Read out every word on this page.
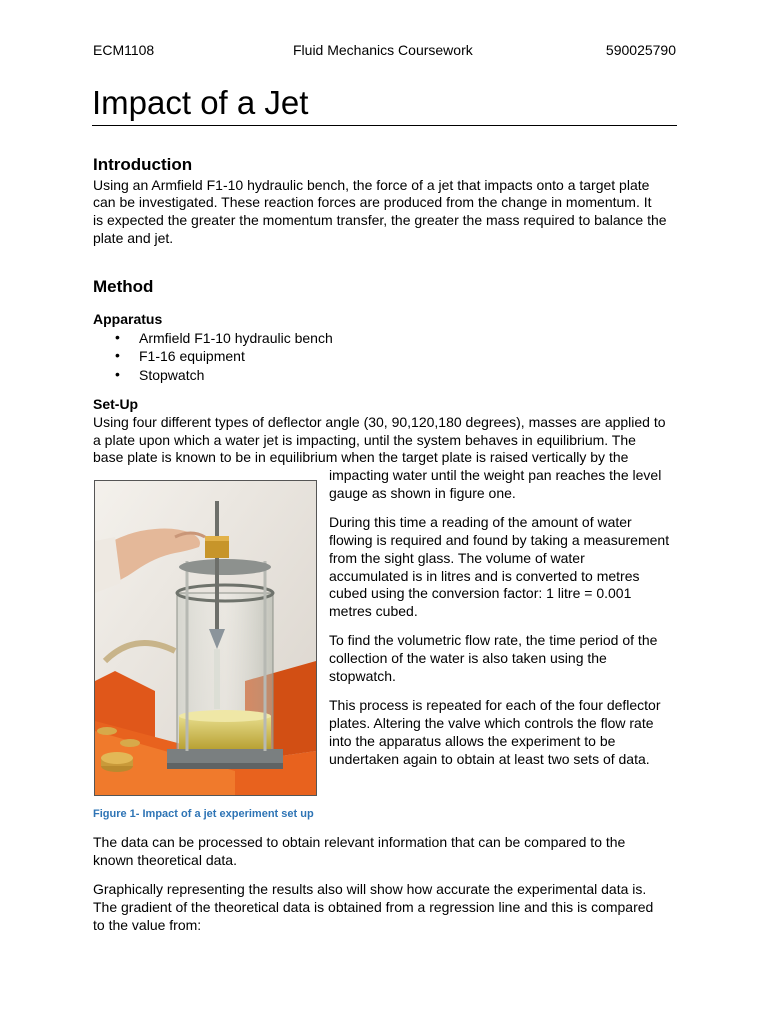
ECM1108	Fluid Mechanics Coursework	590025790
Impact of a Jet
Introduction
Using an Armfield F1-10 hydraulic bench, the force of a jet that impacts onto a target plate
can be investigated. These reaction forces are produced from the change in momentum. It
is expected the greater the momentum transfer, the greater the mass required to balance the
plate and jet.
Method
Apparatus
• Armfield F1-10 hydraulic bench
• F1-16 equipment
• Stopwatch
Set-Up
Using four different types of deflector angle (30, 90,120,180 degrees), masses are applied to
a plate upon which a water jet is impacting, until the system behaves in equilibrium. The
base plate is known to be in equilibrium when the target plate is raised vertically by the
impacting water until the weight pan reaches the level
gauge as shown in figure one.
During this time a reading of the amount of water
flowing is required and found by taking a measurement
from the sight glass. The volume of water
accumulated is in litres and is converted to metres
cubed using the conversion factor: 1 litre = 0.001
metres cubed.
To find the volumetric flow rate, the time period of the
collection of the water is also taken using the
stopwatch.
This process is repeated for each of the four deflector
plates. Altering the valve which controls the flow rate
into the apparatus allows the experiment to be
undertaken again to obtain at least two sets of data.
Figure 1- Impact of a jet experiment set up
The data can be processed to obtain relevant information that can be compared to the
known theoretical data.
Graphically representing the results also will show how accurate the experimental data is.
The gradient of the theoretical data is obtained from a regression line and this is compared
to the value from:
